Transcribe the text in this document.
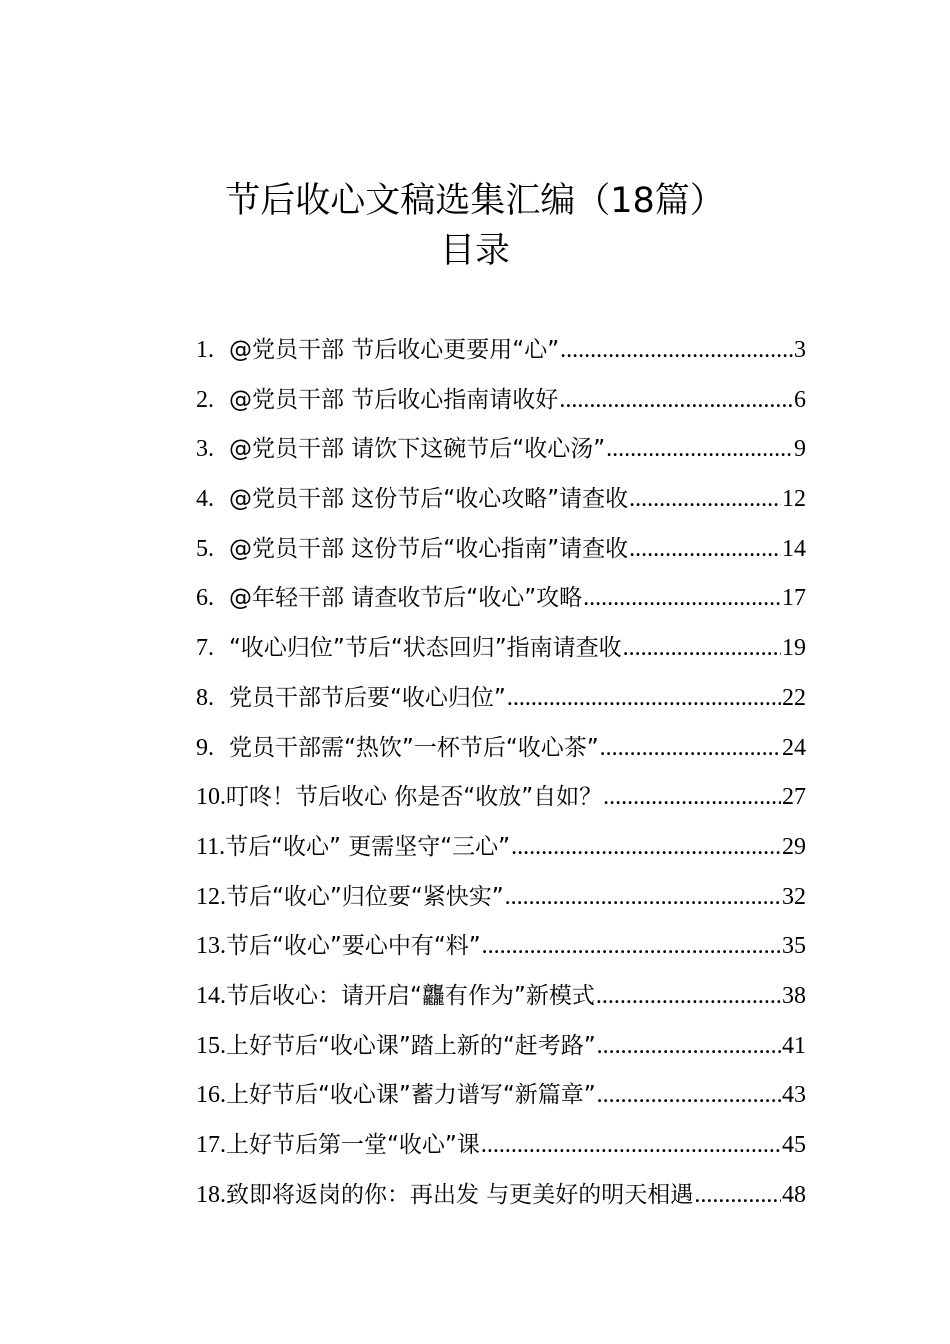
节后收心文稿选集汇编（18篇）
目录
1. @党员干部 节后收心更要用“心” .....	3
2. @党员干部 节后收心指南请收好 .....	6
3. @党员干部 请饮下这碗节后“收心汤” .....	9
4. @党员干部 这份节后“收心攻略”请查收 .....	12
5. @党员干部 这份节后“收心指南”请查收 .....	14
6. @年轻干部 请查收节后“收心”攻略 .....	17
7. “收心归位”节后“状态回归”指南请查收 .....	19
8. 党员干部节后要“收心归位” .....	22
9. 党员干部需“热饮”一杯节后“收心茶” .....	24
10. 叮咚！节后收心 你是否“收放”自如？ .....	27
11. 节后“收心” 更需坚守“三心” .....	29
12. 节后“收心”归位要“紧快实” .....	32
13. 节后“收心”要心中有“料” .....	35
14. 节后收心：请开启“龘有作为”新模式 .....	38
15. 上好节后“收心课”踏上新的“赶考路” .....	41
16. 上好节后“收心课”蓄力谱写“新篇章” .....	43
17. 上好节后第一堂“收心”课 .....	45
18. 致即将返岗的你：再出发 与更美好的明天相遇 .....	48
